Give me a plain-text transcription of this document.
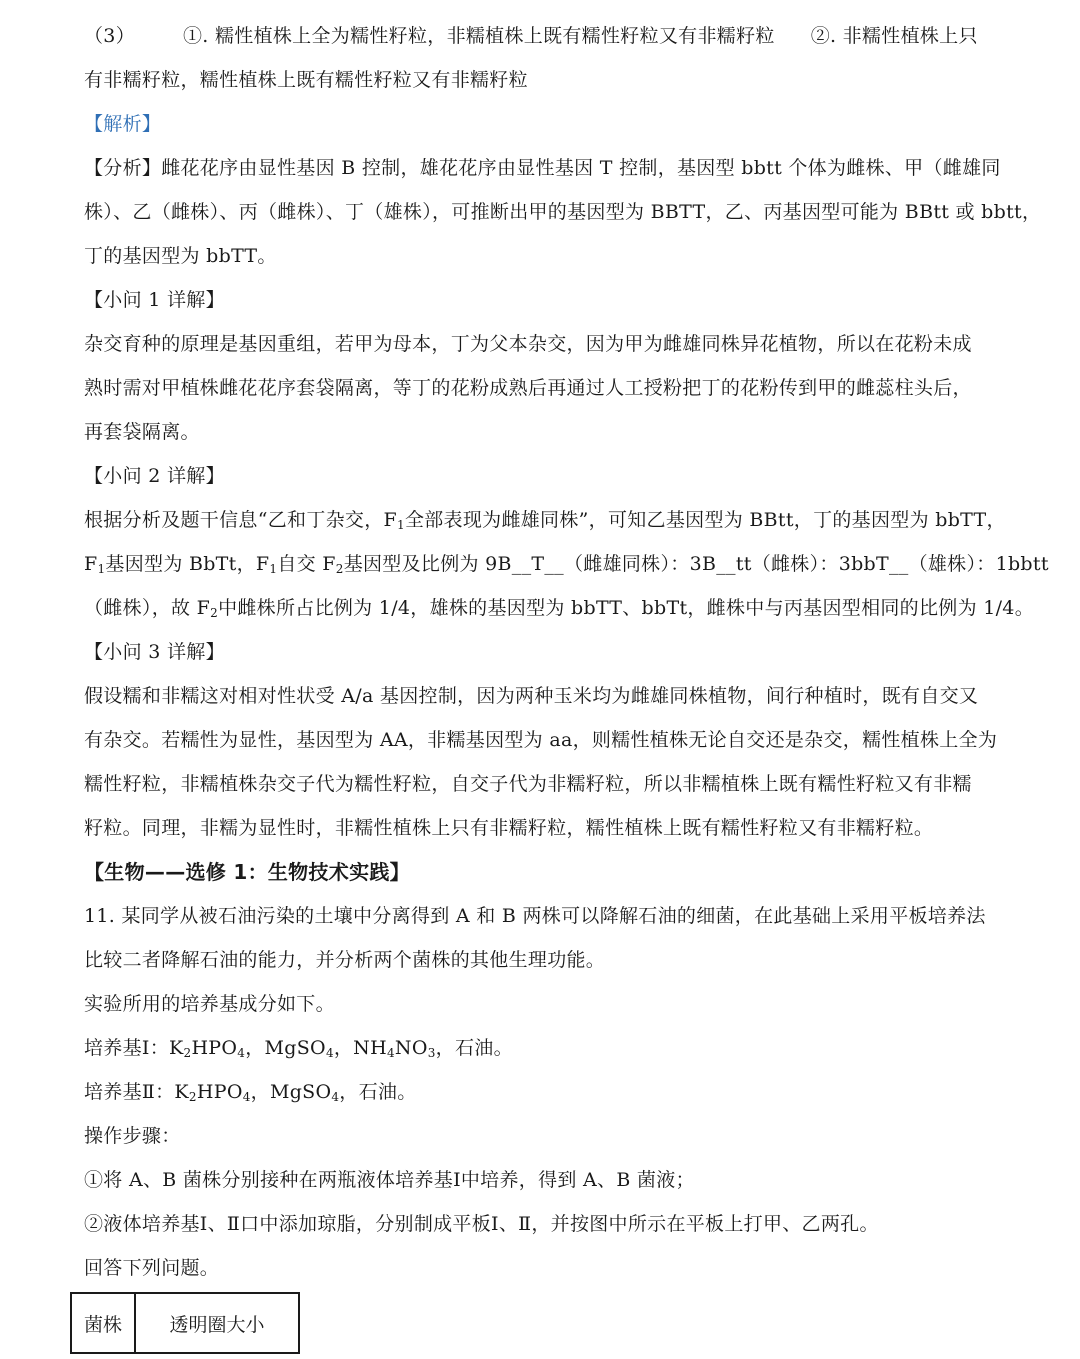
（3）	①. 糯性植株上全为糯性籽粒，非糯植株上既有糯性籽粒又有非糯籽粒 ②. 非糯性植株上只
有非糯籽粒，糯性植株上既有糯性籽粒又有非糯籽粒
【解析】
【分析】雌花花序由显性基因 B 控制，雄花花序由显性基因 T 控制，基因型 bbtt 个体为雌株、甲（雌雄同
株）、乙（雌株）、丙（雌株）、丁（雄株），可推断出甲的基因型为 BBTT，乙、丙基因型可能为 BBtt 或 bbtt，
丁的基因型为 bbTT。
【小问 1 详解】
杂交育种的原理是基因重组，若甲为母本，丁为父本杂交，因为甲为雌雄同株异花植物，所以在花粉未成
熟时需对甲植株雌花花序套袋隔离，等丁的花粉成熟后再通过人工授粉把丁的花粉传到甲的雌蕊柱头后，
再套袋隔离。
【小问 2 详解】
根据分析及题干信息“乙和丁杂交，$F_1$全部表现为雌雄同株”，可知乙基因型为 BBtt，丁的基因型为 bbTT，
$F_1$基因型为 BbTt，$F_1$自交 $F_2$基因型及比例为 9B__T__（雌雄同株）：3B__tt（雌株）：3bbT__（雄株）：1bbtt
（雌株），故 $F_2$中雌株所占比例为 1/4，雄株的基因型为 bbTT、bbTt，雌株中与丙基因型相同的比例为 1/4。
【小问 3 详解】
假设糯和非糯这对相对性状受 A/a 基因控制，因为两种玉米均为雌雄同株植物，间行种植时，既有自交又
有杂交。若糯性为显性，基因型为 AA，非糯基因型为 aa，则糯性植株无论自交还是杂交，糯性植株上全为
糯性籽粒，非糯植株杂交子代为糯性籽粒，自交子代为非糯籽粒，所以非糯植株上既有糯性籽粒又有非糯
籽粒。同理，非糯为显性时，非糯性植株上只有非糯籽粒，糯性植株上既有糯性籽粒又有非糯籽粒。
【生物——选修 1：生物技术实践】
11. 某同学从被石油污染的土壤中分离得到 A 和 B 两株可以降解石油的细菌，在此基础上采用平板培养法
比较二者降解石油的能力，并分析两个菌株的其他生理功能。
实验所用的培养基成分如下。
培养基Ⅰ：$K_2HPO_4$，MgSO$_4$，$NH_4NO_3$，石油。
培养基Ⅱ：$K_2HPO_4$，MgSO$_4$，石油。
操作步骤：
①将 A、B 菌株分别接种在两瓶液体培养基Ⅰ中培养，得到 A、B 菌液；
②液体培养基Ⅰ、Ⅱ口中添加琼脂，分别制成平板Ⅰ、Ⅱ，并按图中所示在平板上打甲、乙两孔。
回答下列问题。
菌株	透明圈大小
